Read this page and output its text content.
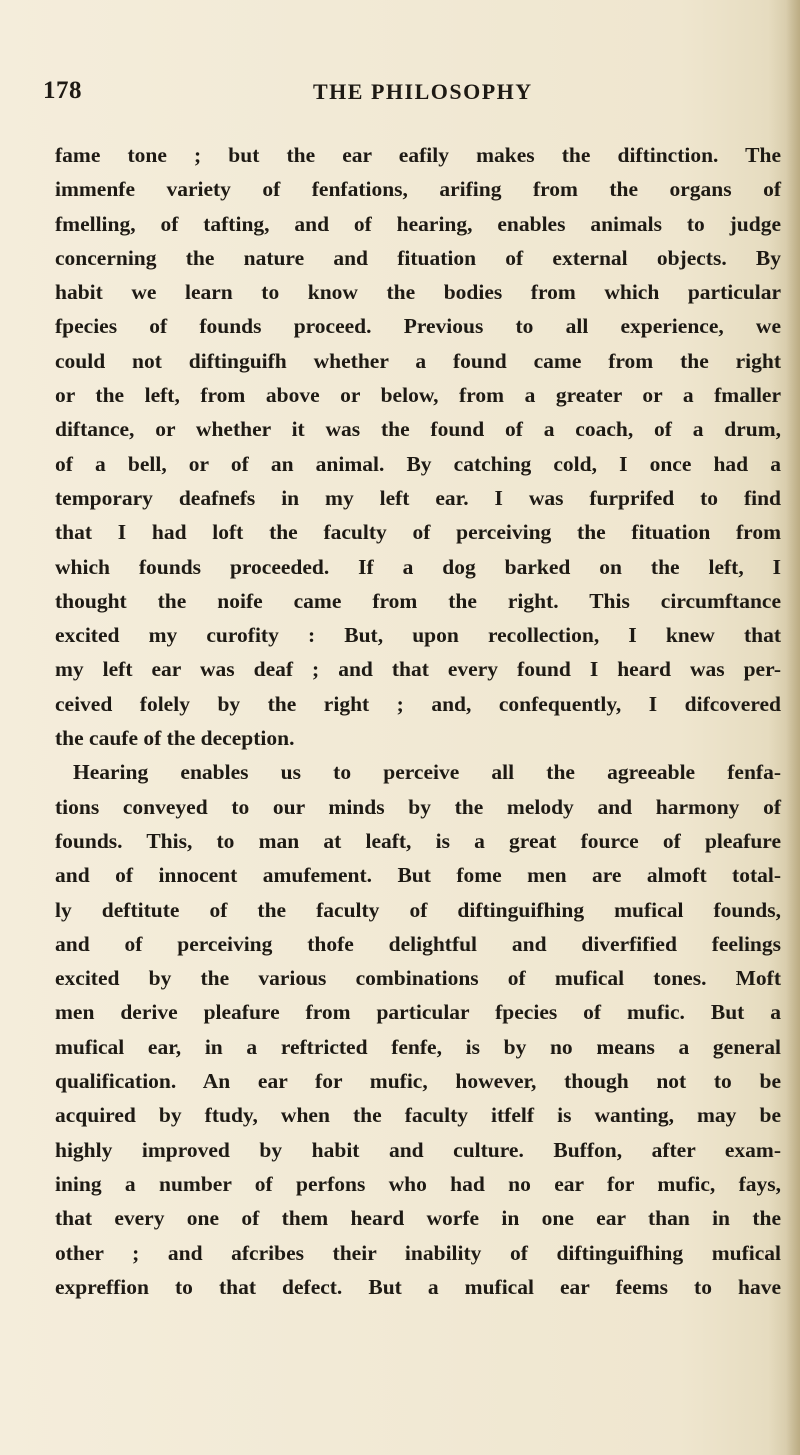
178	THE PHILOSOPHY
fame tone ; but the ear eafily makes the diftinction. The
immenfe variety of fenfations, arifing from the organs of
fmelling, of tafting, and of hearing, enables animals to judge
concerning the nature and fituation of external objects. By
habit we learn to know the bodies from which particular
fpecies of founds proceed. Previous to all experience, we
could not diftinguifh whether a found came from the right
or the left, from above or below, from a greater or a fmaller
diftance, or whether it was the found of a coach, of a drum,
of a bell, or of an animal. By catching cold, I once had a
temporary deafnefs in my left ear. I was furprifed to find
that I had loft the faculty of perceiving the fituation from
which founds proceeded. If a dog barked on the left, I
thought the noife came from the right. This circumftance
excited my curofity : But, upon recollection, I knew that
my left ear was deaf ; and that every found I heard was per-
ceived folely by the right ; and, confequently, I difcovered
the caufe of the deception.
Hearing enables us to perceive all the agreeable fenfa-
tions conveyed to our minds by the melody and harmony of
founds. This, to man at leaft, is a great fource of pleafure
and of innocent amufement. But fome men are almoft total-
ly deftitute of the faculty of diftinguifhing mufical founds,
and of perceiving thofe delightful and diverfified feelings
excited by the various combinations of mufical tones. Moft
men derive pleafure from particular fpecies of mufic. But a
mufical ear, in a reftricted fenfe, is by no means a general
qualification. An ear for mufic, however, though not to be
acquired by ftudy, when the faculty itfelf is wanting, may be
highly improved by habit and culture. Buffon, after exam-
ining a number of perfons who had no ear for mufic, fays,
that every one of them heard worfe in one ear than in the
other ; and afcribes their inability of diftinguifhing mufical
expreffion to that defect. But a mufical ear feems to have
